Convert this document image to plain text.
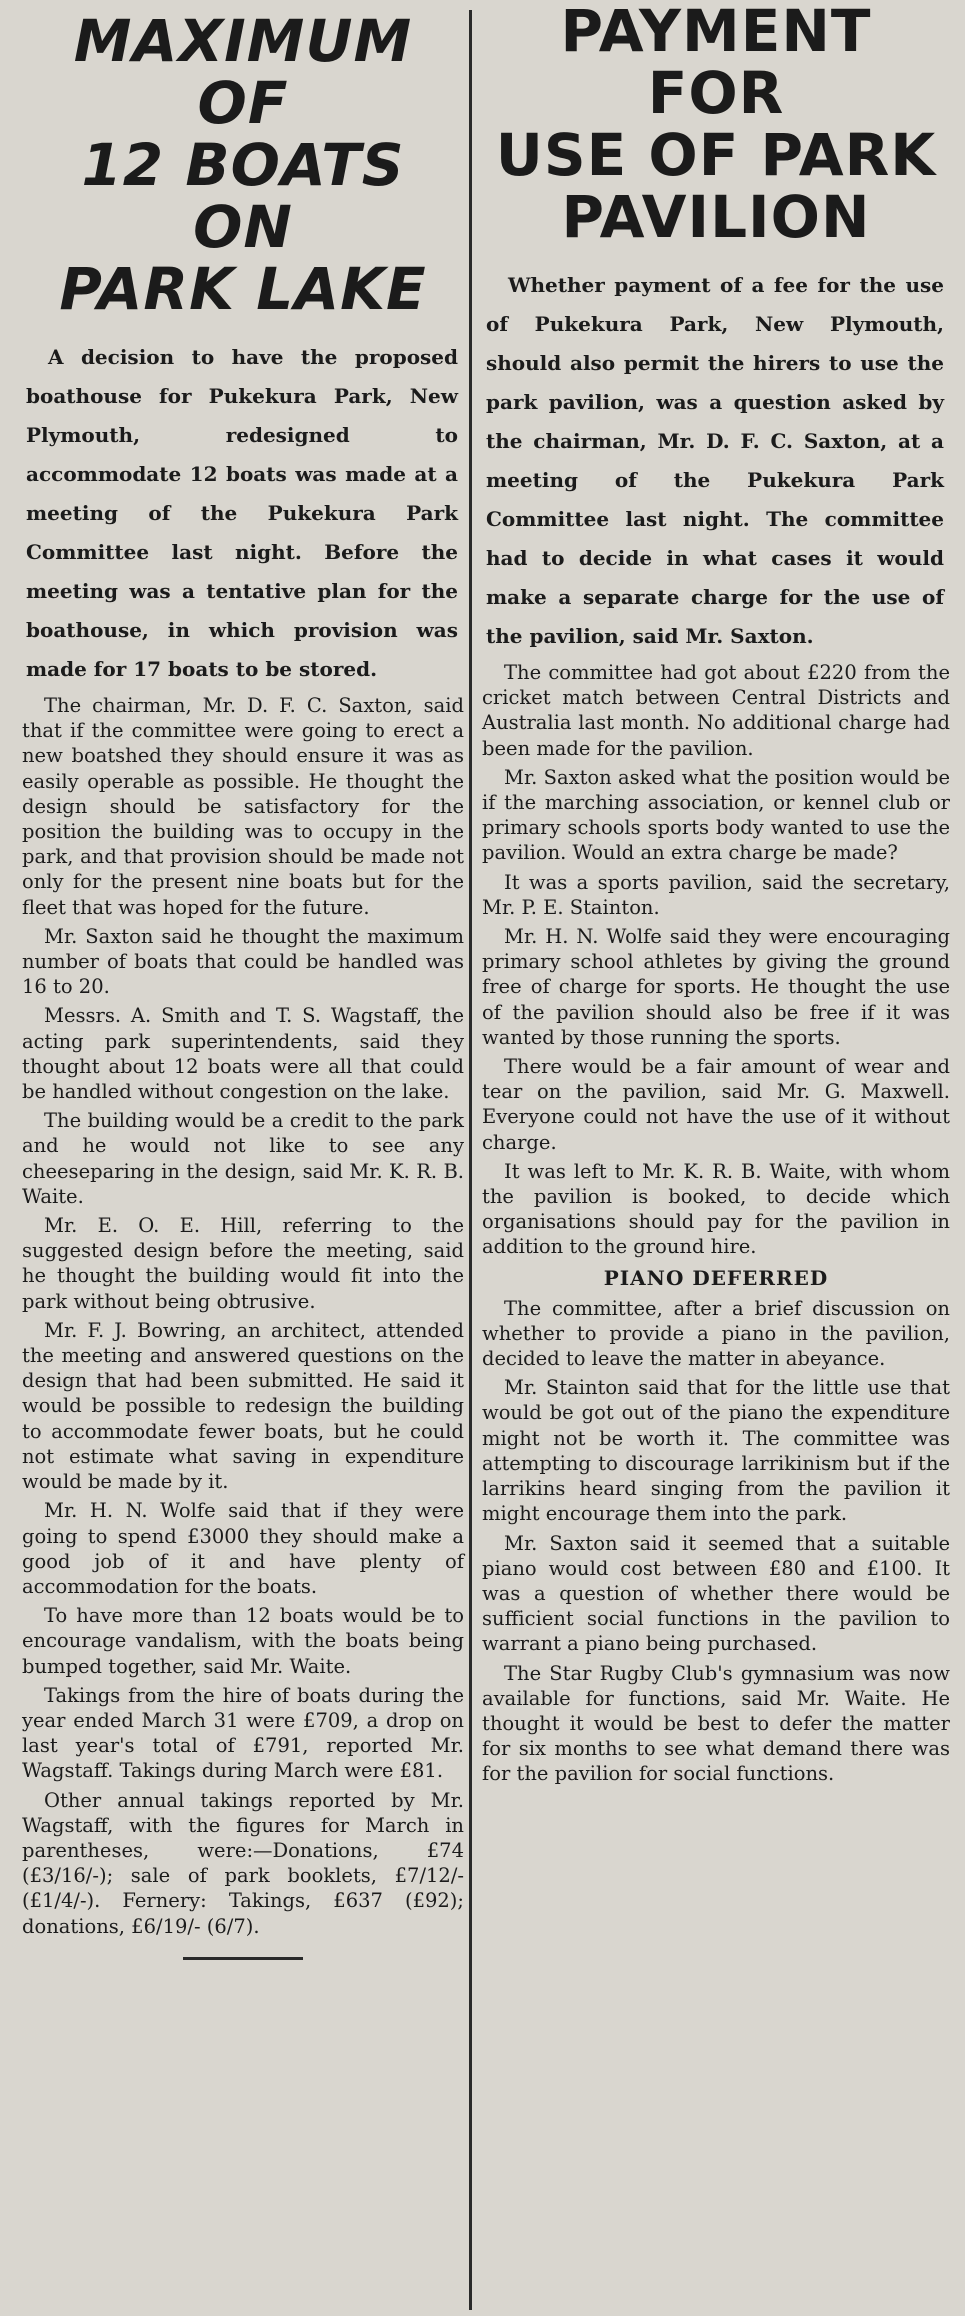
MAXIMUM OF
12 BOATS ON
PARK LAKE

A decision to have the proposed boathouse for Pukekura Park, New Plymouth, redesigned to accommodate 12 boats was made at a meeting of the Pukekura Park Committee last night. Before the meeting was a tentative plan for the boathouse, in which provision was made for 17 boats to be stored.

The chairman, Mr. D. F. C. Saxton, said that if the committee were going to erect a new boatshed they should ensure it was as easily operable as possible. He thought the design should be satisfactory for the position the building was to occupy in the park, and that provision should be made not only for the present nine boats but for the fleet that was hoped for the future.

Mr. Saxton said he thought the maximum number of boats that could be handled was 16 to 20.

Messrs. A. Smith and T. S. Wagstaff, the acting park superintendents, said they thought about 12 boats were all that could be handled without congestion on the lake.

The building would be a credit to the park and he would not like to see any cheeseparing in the design, said Mr. K. R. B. Waite.

Mr. E. O. E. Hill, referring to the suggested design before the meeting, said he thought the building would fit into the park without being obtrusive.

Mr. F. J. Bowring, an architect, attended the meeting and answered questions on the design that had been submitted. He said it would be possible to redesign the building to accommodate fewer boats, but he could not estimate what saving in expenditure would be made by it.

Mr. H. N. Wolfe said that if they were going to spend £3000 they should make a good job of it and have plenty of accommodation for the boats.

To have more than 12 boats would be to encourage vandalism, with the boats being bumped together, said Mr. Waite.

Takings from the hire of boats during the year ended March 31 were £709, a drop on last year's total of £791, reported Mr. Wagstaff. Takings during March were £81.

Other annual takings reported by Mr. Wagstaff, with the figures for March in parentheses, were:—Donations, £74 (£3/16/-); sale of park booklets, £7/12/- (£1/4/-). Fernery: Takings, £637 (£92); donations, £6/19/- (6/7).

PAYMENT FOR
USE OF PARK
PAVILION

Whether payment of a fee for the use of Pukekura Park, New Plymouth, should also permit the hirers to use the park pavilion, was a question asked by the chairman, Mr. D. F. C. Saxton, at a meeting of the Pukekura Park Committee last night. The committee had to decide in what cases it would make a separate charge for the use of the pavilion, said Mr. Saxton.

The committee had got about £220 from the cricket match between Central Districts and Australia last month. No additional charge had been made for the pavilion.

Mr. Saxton asked what the position would be if the marching association, or kennel club or primary schools sports body wanted to use the pavilion. Would an extra charge be made?

It was a sports pavilion, said the secretary, Mr. P. E. Stainton.

Mr. H. N. Wolfe said they were encouraging primary school athletes by giving the ground free of charge for sports. He thought the use of the pavilion should also be free if it was wanted by those running the sports.

There would be a fair amount of wear and tear on the pavilion, said Mr. G. Maxwell. Everyone could not have the use of it without charge.

It was left to Mr. K. R. B. Waite, with whom the pavilion is booked, to decide which organisations should pay for the pavilion in addition to the ground hire.

PIANO DEFERRED

The committee, after a brief discussion on whether to provide a piano in the pavilion, decided to leave the matter in abeyance.

Mr. Stainton said that for the little use that would be got out of the piano the expenditure might not be worth it. The committee was attempting to discourage larrikinism but if the larrikins heard singing from the pavilion it might encourage them into the park.

Mr. Saxton said it seemed that a suitable piano would cost between £80 and £100. It was a question of whether there would be sufficient social functions in the pavilion to warrant a piano being purchased.

The Star Rugby Club's gymnasium was now available for functions, said Mr. Waite. He thought it would be best to defer the matter for six months to see what demand there was for the pavilion for social functions.
